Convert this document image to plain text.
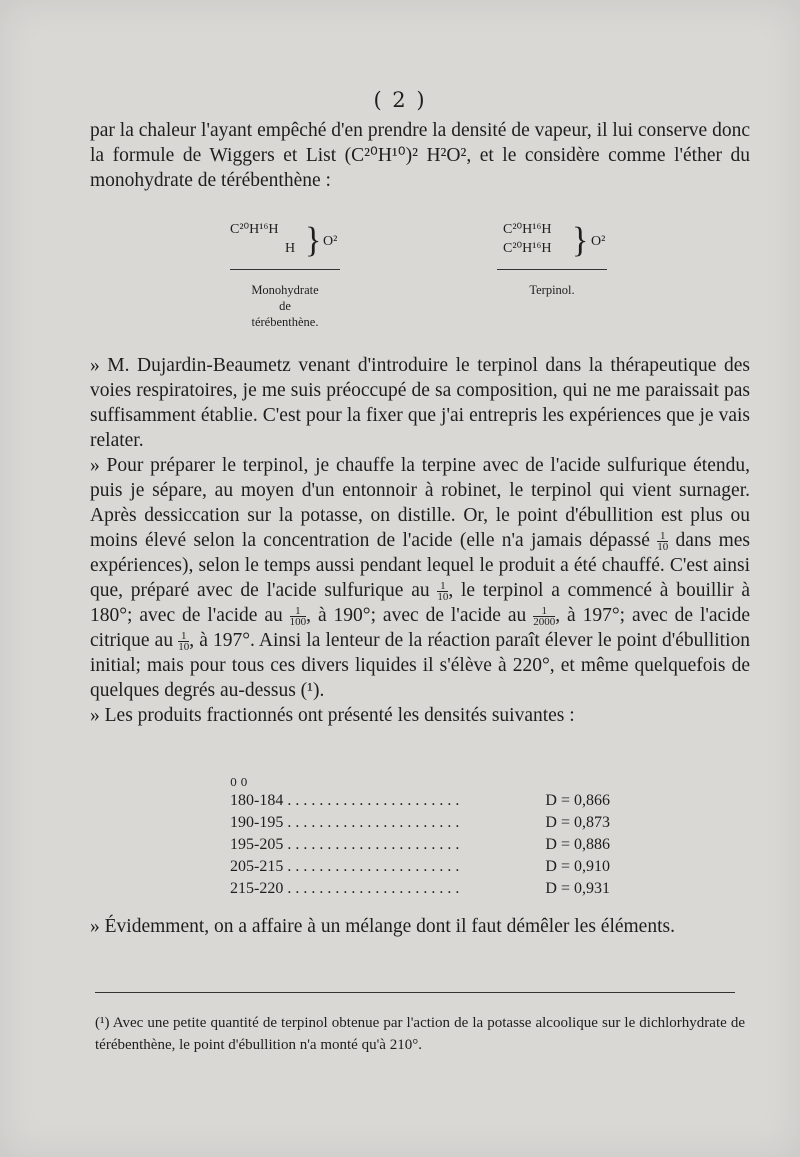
( 2 )
par la chaleur l'ayant empêché d'en prendre la densité de vapeur, il lui conserve donc la formule de Wiggers et List (C²⁰H¹⁰)² H²O², et le considère comme l'éther du monohydrate de térébenthène :
C²⁰H¹⁶H
H } O²
Monohydrate
de
térébenthène.
C²⁰H¹⁶H
C²⁰H¹⁶H } O²
Terpinol.
» M. Dujardin-Beaumetz venant d'introduire le terpinol dans la thérapeutique des voies respiratoires, je me suis préoccupé de sa composition, qui ne me paraissait pas suffisamment établie. C'est pour la fixer que j'ai entrepris les expériences que je vais relater.
» Pour préparer le terpinol, je chauffe la terpine avec de l'acide sulfurique étendu, puis je sépare, au moyen d'un entonnoir à robinet, le terpinol qui vient surnager. Après dessiccation sur la potasse, on distille. Or, le point d'ébullition est plus ou moins élevé selon la concentration de l'acide (elle n'a jamais dépassé $\frac{1}{10}$ dans mes expériences), selon le temps aussi pendant lequel le produit a été chauffé. C'est ainsi que, préparé avec de l'acide sulfurique au $\frac{1}{10}$ , le terpinol a commencé à bouillir à 180°; avec de l'acide au $\frac{1}{100}$ , à 190°; avec de l'acide au $\frac{1}{2000}$ , à 197°; avec de l'acide citrique au $\frac{1}{10}$ , à 197°. Ainsi la lenteur de la réaction paraît élever le point d'ébullition initial; mais pour tous ces divers liquides il s'élève à 220°, et même quelquefois de quelques degrés au-dessus (¹).
» Les produits fractionnés ont présenté les densités suivantes :
0 0
180-184 . . . . . . . . . . . . . . . . . . . . . .	D = 0,866
190-195 . . . . . . . . . . . . . . . . . . . . . .	D = 0,873
195-205 . . . . . . . . . . . . . . . . . . . . . .	D = 0,886
205-215 . . . . . . . . . . . . . . . . . . . . . .	D = 0,910
215-220 . . . . . . . . . . . . . . . . . . . . . .	D = 0,931
» Évidemment, on a affaire à un mélange dont il faut démêler les éléments.
(¹) Avec une petite quantité de terpinol obtenue par l'action de la potasse alcoolique sur le dichlorhydrate de térébenthène, le point d'ébullition n'a monté qu'à 210°.
